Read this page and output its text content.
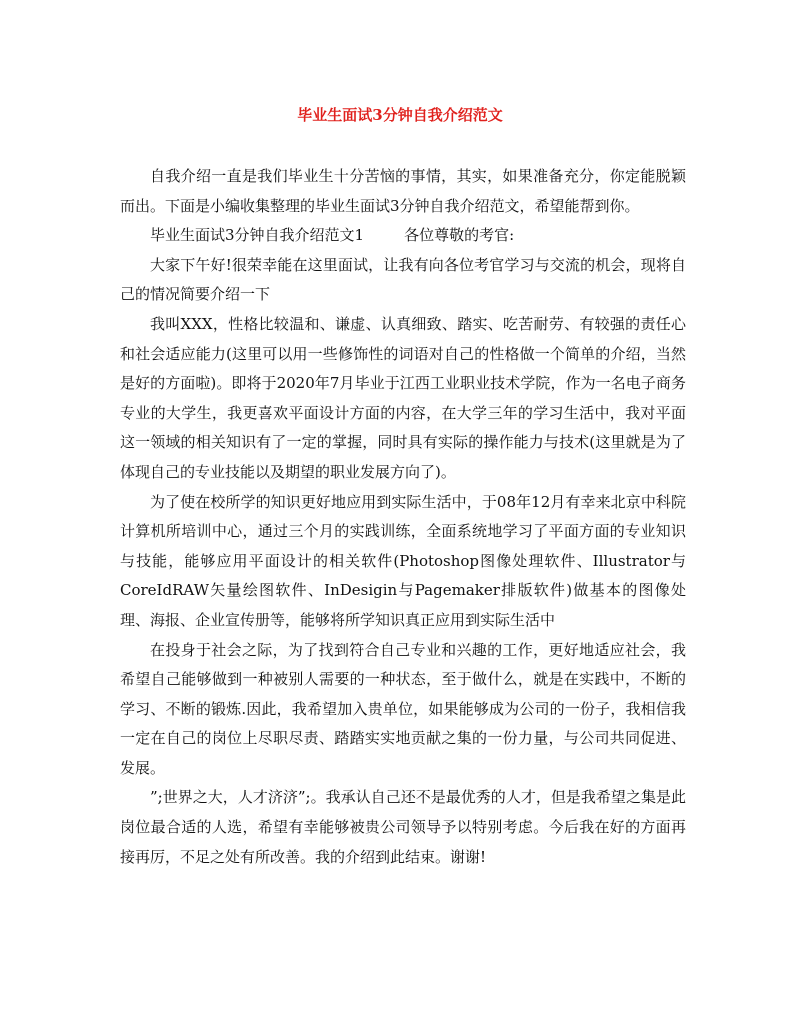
毕业生面试3分钟自我介绍范文

自我介绍一直是我们毕业生十分苦恼的事情，其实，如果准备充分，你定能脱颖而出。下面是小编收集整理的毕业生面试3分钟自我介绍范文，希望能帮到你。

毕业生面试3分钟自我介绍范文1	各位尊敬的考官:

大家下午好!很荣幸能在这里面试，让我有向各位考官学习与交流的机会，现将自己的情况简要介绍一下

我叫XXX，性格比较温和、谦虚、认真细致、踏实、吃苦耐劳、有较强的责任心和社会适应能力(这里可以用一些修饰性的词语对自己的性格做一个简单的介绍，当然是好的方面啦)。即将于2020年7月毕业于江西工业职业技术学院，作为一名电子商务专业的大学生，我更喜欢平面设计方面的内容，在大学三年的学习生活中，我对平面这一领域的相关知识有了一定的掌握，同时具有实际的操作能力与技术(这里就是为了体现自己的专业技能以及期望的职业发展方向了)。

为了使在校所学的知识更好地应用到实际生活中，于08年12月有幸来北京中科院计算机所培训中心，通过三个月的实践训练，全面系统地学习了平面方面的专业知识与技能，能够应用平面设计的相关软件(Photoshop图像处理软件、Illustrator与CoreIdRAW矢量绘图软件、InDesigin与Pagemaker排版软件)做基本的图像处理、海报、企业宣传册等，能够将所学知识真正应用到实际生活中

在投身于社会之际，为了找到符合自己专业和兴趣的工作，更好地适应社会，我希望自己能够做到一种被别人需要的一种状态，至于做什么，就是在实践中，不断的学习、不断的锻炼.因此，我希望加入贵单位，如果能够成为公司的一份子，我相信我一定在自己的岗位上尽职尽责、踏踏实实地贡献之集的一份力量，与公司共同促进、发展。

”;世界之大，人才济济”;。我承认自己还不是最优秀的人才，但是我希望之集是此岗位最合适的人选，希望有幸能够被贵公司领导予以特别考虑。今后我在好的方面再接再厉，不足之处有所改善。我的介绍到此结束。谢谢!
